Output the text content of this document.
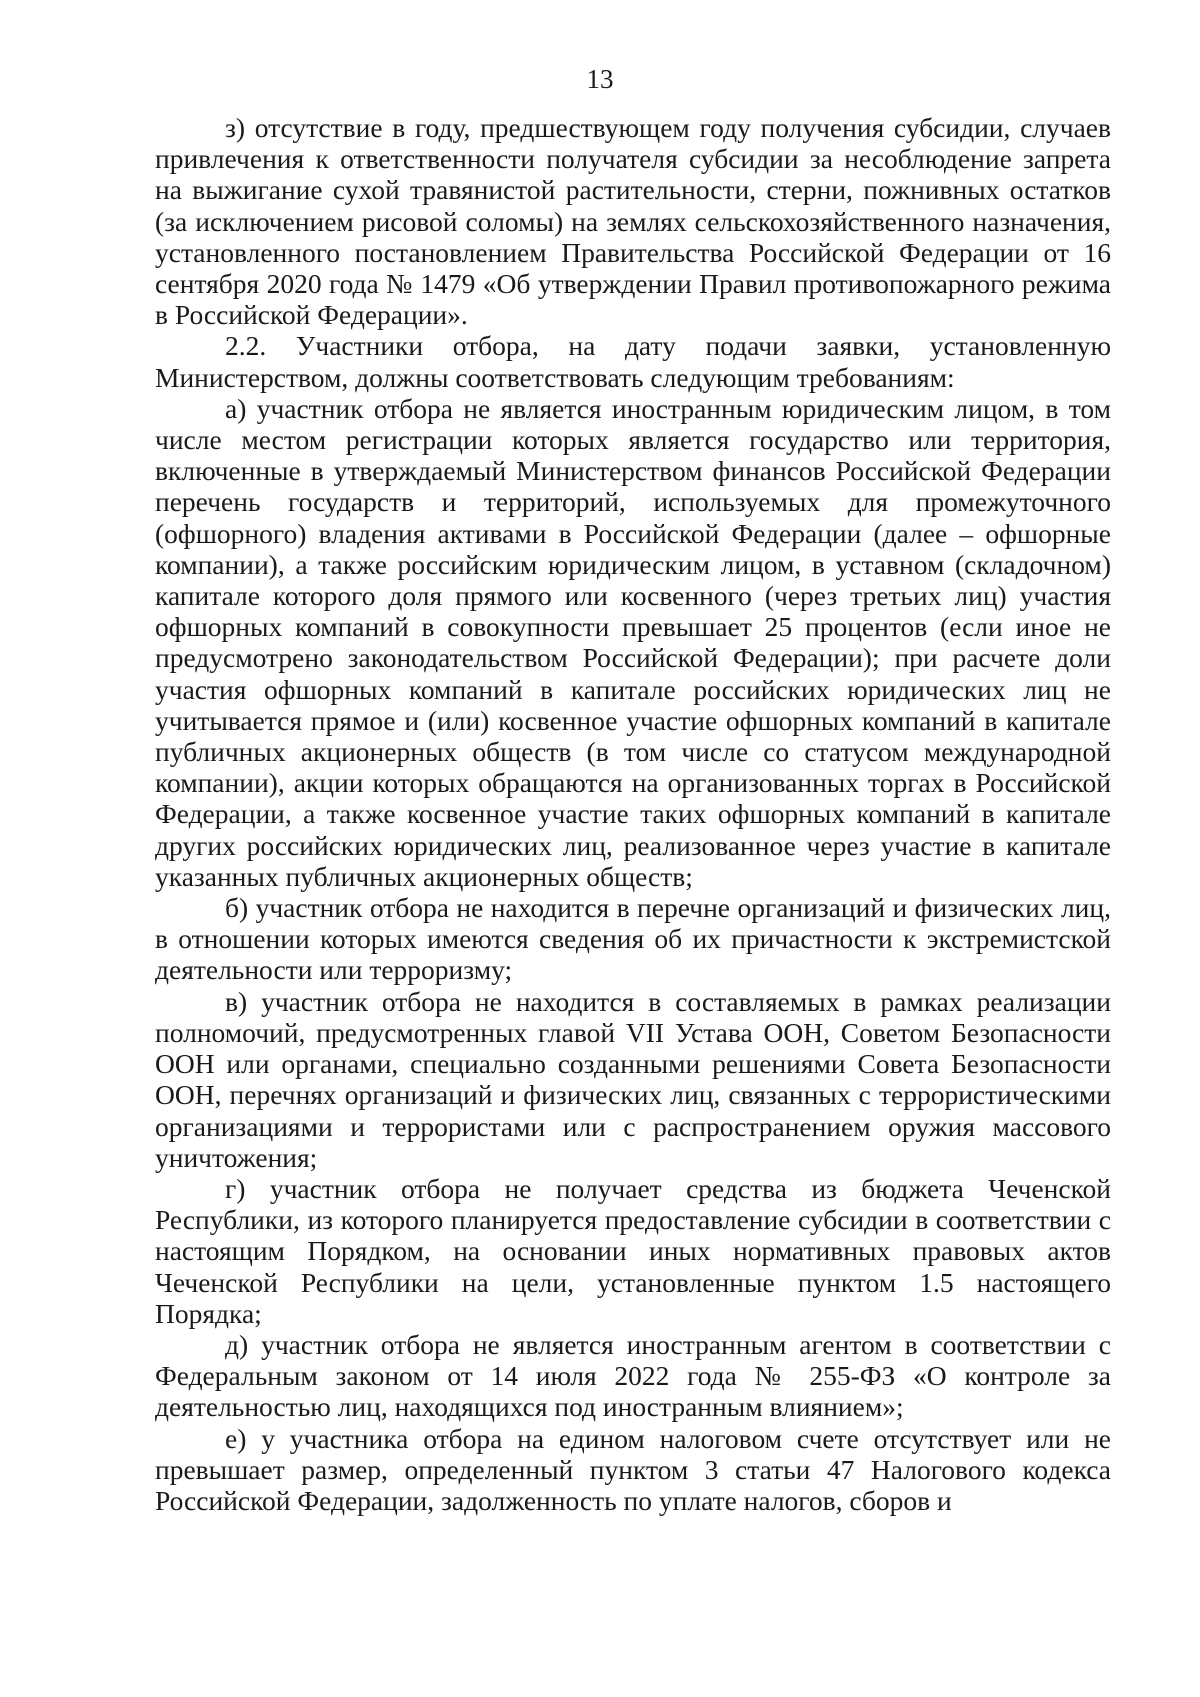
13

з) отсутствие в году, предшествующем году получения субсидии, случаев привлечения к ответственности получателя субсидии за несоблюдение запрета на выжигание сухой травянистой растительности, стерни, пожнивных остатков (за исключением рисовой соломы) на землях сельскохозяйственного назначения, установленного постановлением Правительства Российской Федерации от 16 сентября 2020 года № 1479 «Об утверждении Правил противопожарного режима в Российской Федерации».

2.2. Участники отбора, на дату подачи заявки, установленную Министерством, должны соответствовать следующим требованиям:

а) участник отбора не является иностранным юридическим лицом, в том числе местом регистрации которых является государство или территория, включенные в утверждаемый Министерством финансов Российской Федерации перечень государств и территорий, используемых для промежуточного (офшорного) владения активами в Российской Федерации (далее – офшорные компании), а также российским юридическим лицом, в уставном (складочном) капитале которого доля прямого или косвенного (через третьих лиц) участия офшорных компаний в совокупности превышает 25 процентов (если иное не предусмотрено законодательством Российской Федерации); при расчете доли участия офшорных компаний в капитале российских юридических лиц не учитывается прямое и (или) косвенное участие офшорных компаний в капитале публичных акционерных обществ (в том числе со статусом международной компании), акции которых обращаются на организованных торгах в Российской Федерации, а также косвенное участие таких офшорных компаний в капитале других российских юридических лиц, реализованное через участие в капитале указанных публичных акционерных обществ;

б) участник отбора не находится в перечне организаций и физических лиц, в отношении которых имеются сведения об их причастности к экстремистской деятельности или терроризму;

в) участник отбора не находится в составляемых в рамках реализации полномочий, предусмотренных главой VII Устава ООН, Советом Безопасности ООН или органами, специально созданными решениями Совета Безопасности ООН, перечнях организаций и физических лиц, связанных с террористическими организациями и террористами или с распространением оружия массового уничтожения;

г) участник отбора не получает средства из бюджета Чеченской Республики, из которого планируется предоставление субсидии в соответствии с настоящим Порядком, на основании иных нормативных правовых актов Чеченской Республики на цели, установленные пунктом 1.5 настоящего Порядка;

д) участник отбора не является иностранным агентом в соответствии с Федеральным законом от 14 июля 2022 года № 255-ФЗ «О контроле за деятельностью лиц, находящихся под иностранным влиянием»;

е) у участника отбора на едином налоговом счете отсутствует или не превышает размер, определенный пунктом 3 статьи 47 Налогового кодекса Российской Федерации, задолженность по уплате налогов, сборов и
